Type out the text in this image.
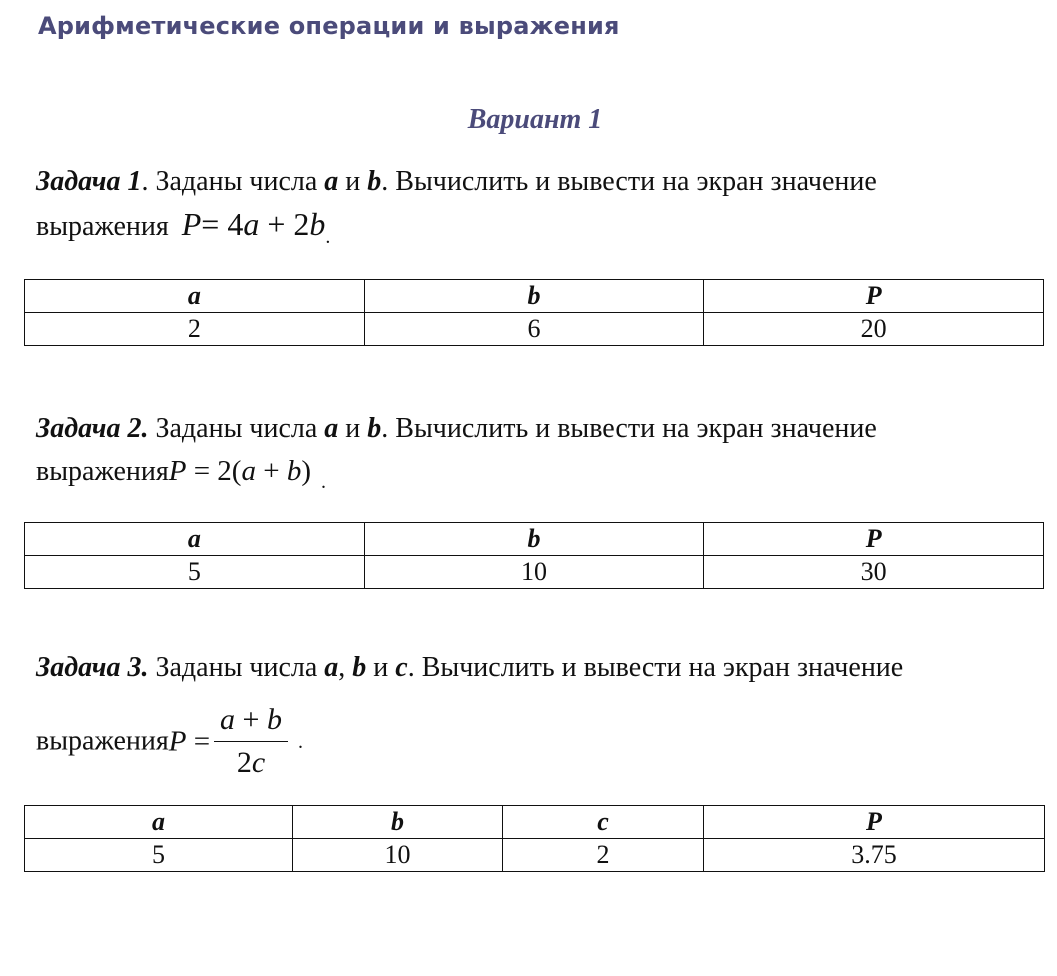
Арифметические операции и выражения
Вариант 1
Задача 1. Заданы числа a и b. Вычислить и вывести на экран значение
выражения $P= 4a + 2b_.$
a	b	P
2	6	20
Задача 2. Заданы числа a и b. Вычислить и вывести на экран значение
выраженияP = 2(a + b) $_.$
a	b	P
5	10	30
Задача 3. Заданы числа a, b и c. Вычислить и вывести на экран значение
выраженияP = $\frac{a + b}{2c}$ .
a	b	c	P
5	10	2	3.75
